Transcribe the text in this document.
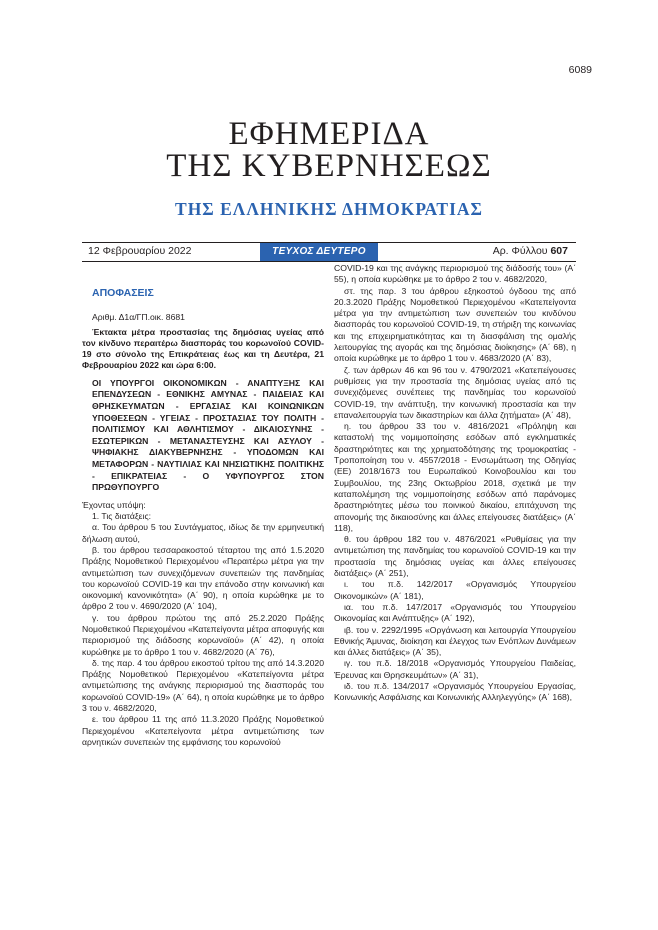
6089
ΕΦΗΜΕΡΙΔΑ
ΤΗΣ ΚΥΒΕΡΝΗΣΕΩΣ
ΤΗΣ ΕΛΛΗΝΙΚΗΣ ΔΗΜΟΚΡΑΤΙΑΣ
12 Φεβρουαρίου 2022	ΤΕΥΧΟΣ ΔΕΥΤΕΡΟ	Αρ. Φύλλου 607

ΑΠΟΦΑΣΕΙΣ

Αριθμ. Δ1α/ΓΠ.οικ. 8681

Έκτακτα μέτρα προστασίας της δημόσιας υγείας από τον κίνδυνο περαιτέρω διασποράς του κορωνοϊού COVID-19 στο σύνολο της Επικράτειας έως και τη Δευτέρα, 21 Φεβρουαρίου 2022 και ώρα 6:00.

ΟΙ ΥΠΟΥΡΓΟΙ ΟΙΚΟΝΟΜΙΚΩΝ - ΑΝΑΠΤΥΞΗΣ ΚΑΙ ΕΠΕΝΔΥΣΕΩΝ - ΕΘΝΙΚΗΣ ΑΜΥΝΑΣ - ΠΑΙΔΕΙΑΣ ΚΑΙ ΘΡΗΣΚΕΥΜΑΤΩΝ - ΕΡΓΑΣΙΑΣ ΚΑΙ ΚΟΙΝΩΝΙΚΩΝ ΥΠΟΘΕΣΕΩΝ - ΥΓΕΙΑΣ - ΠΡΟΣΤΑΣΙΑΣ ΤΟΥ ΠΟΛΙΤΗ - ΠΟΛΙΤΙΣΜΟΥ ΚΑΙ ΑΘΛΗΤΙΣΜΟΥ - ΔΙΚΑΙΟΣΥΝΗΣ - ΕΣΩΤΕΡΙΚΩΝ - ΜΕΤΑΝΑΣΤΕΥΣΗΣ ΚΑΙ ΑΣΥΛΟΥ - ΨΗΦΙΑΚΗΣ ΔΙΑΚΥΒΕΡΝΗΣΗΣ - ΥΠΟΔΟΜΩΝ ΚΑΙ ΜΕΤΑΦΟΡΩΝ - ΝΑΥΤΙΛΙΑΣ ΚΑΙ ΝΗΣΙΩΤΙΚΗΣ ΠΟΛΙΤΙΚΗΣ - ΕΠΙΚΡΑΤΕΙΑΣ - Ο ΥΦΥΠΟΥΡΓΟΣ ΣΤΟΝ ΠΡΩΘΥΠΟΥΡΓΟ

Έχοντας υπόψη:

1. Τις διατάξεις:

α. Του άρθρου 5 του Συντάγματος, ιδίως δε την ερμηνευτική δήλωση αυτού,

β. του άρθρου τεσσαρακοστού τέταρτου της από 1.5.2020 Πράξης Νομοθετικού Περιεχομένου «Περαιτέρω μέτρα για την αντιμετώπιση των συνεχιζόμενων συνεπειών της πανδημίας του κορωνοϊού COVID-19 και την επάνοδο στην κοινωνική και οικονομική κανονικότητα» (Α΄ 90), η οποία κυρώθηκε με το άρθρο 2 του ν. 4690/2020 (Α΄ 104),

γ. του άρθρου πρώτου της από 25.2.2020 Πράξης Νομοθετικού Περιεχομένου «Κατεπείγοντα μέτρα αποφυγής και περιορισμού της διάδοσης κορωνοϊού» (Α΄ 42), η οποία κυρώθηκε με το άρθρο 1 του ν. 4682/2020 (Α΄ 76),

δ. της παρ. 4 του άρθρου εικοστού τρίτου της από 14.3.2020 Πράξης Νομοθετικού Περιεχομένου «Κατεπείγοντα μέτρα αντιμετώπισης της ανάγκης περιορισμού της διασποράς του κορωνοϊού COVID-19» (Α΄ 64), η οποία κυρώθηκε με το άρθρο 3 του ν. 4682/2020,

ε. του άρθρου 11 της από 11.3.2020 Πράξης Νομοθετικού Περιεχομένου «Κατεπείγοντα μέτρα αντιμετώπισης των αρνητικών συνεπειών της εμφάνισης του κορωνοϊού

COVID-19 και της ανάγκης περιορισμού της διάδοσής του» (Α΄ 55), η οποία κυρώθηκε με το άρθρο 2 του ν. 4682/2020,

στ. της παρ. 3 του άρθρου εξηκοστού όγδοου της από 20.3.2020 Πράξης Νομοθετικού Περιεχομένου «Κατεπείγοντα μέτρα για την αντιμετώπιση των συνεπειών του κινδύνου διασποράς του κορωνοϊού COVID-19, τη στήριξη της κοινωνίας και της επιχειρηματικότητας και τη διασφάλιση της ομαλής λειτουργίας της αγοράς και της δημόσιας διοίκησης» (Α΄ 68), η οποία κυρώθηκε με το άρθρο 1 του ν. 4683/2020 (Α΄ 83),

ζ. των άρθρων 46 και 96 του ν. 4790/2021 «Κατεπείγουσες ρυθμίσεις για την προστασία της δημόσιας υγείας από τις συνεχιζόμενες συνέπειες της πανδημίας του κορωνοϊού COVID-19, την ανάπτυξη, την κοινωνική προστασία και την επαναλειτουργία των δικαστηρίων και άλλα ζητήματα» (Α΄ 48),

η. του άρθρου 33 του ν. 4816/2021 «Πρόληψη και καταστολή της νομιμοποίησης εσόδων από εγκληματικές δραστηριότητες και της χρηματοδότησης της τρομοκρατίας - Τροποποίηση του ν. 4557/2018 - Ενσωμάτωση της Οδηγίας (ΕΕ) 2018/1673 του Ευρωπαϊκού Κοινοβουλίου και του Συμβουλίου, της 23ης Οκτωβρίου 2018, σχετικά με την καταπολέμηση της νομιμοποίησης εσόδων από παράνομες δραστηριότητες μέσω του ποινικού δικαίου, επιτάχυνση της απονομής της δικαιοσύνης και άλλες επείγουσες διατάξεις» (Α΄ 118),

θ. του άρθρου 182 του ν. 4876/2021 «Ρυθμίσεις για την αντιμετώπιση της πανδημίας του κορωνοϊού COVID-19 και την προστασία της δημόσιας υγείας και άλλες επείγουσες διατάξεις» (Α΄ 251),

ι. του π.δ. 142/2017 «Οργανισμός Υπουργείου Οικονομικών» (Α΄ 181),

ια. του π.δ. 147/2017 «Οργανισμός του Υπουργείου Οικονομίας και Ανάπτυξης» (Α΄ 192),

ιβ. του ν. 2292/1995 «Οργάνωση και λειτουργία Υπουργείου Εθνικής Άμυνας, διοίκηση και έλεγχος των Ενόπλων Δυνάμεων και άλλες διατάξεις» (Α΄ 35),

ιγ. του π.δ. 18/2018 «Οργανισμός Υπουργείου Παιδείας, Έρευνας και Θρησκευμάτων» (Α΄ 31),

ιδ. του π.δ. 134/2017 «Οργανισμός Υπουργείου Εργασίας, Κοινωνικής Ασφάλισης και Κοινωνικής Αλληλεγγύης» (Α΄ 168),
